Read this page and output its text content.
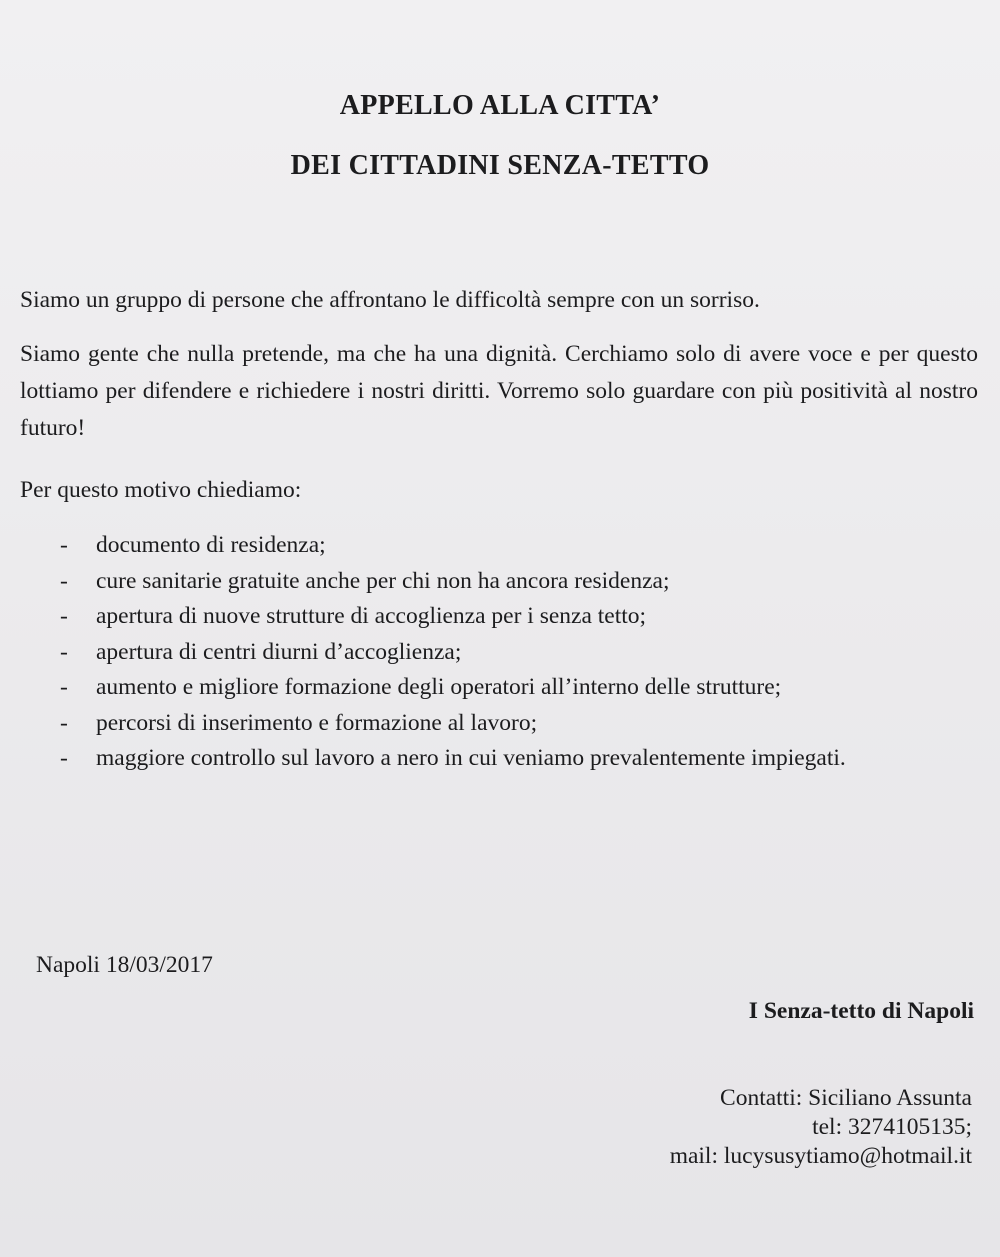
APPELLO ALLA CITTA’
DEI CITTADINI SENZA-TETTO

Siamo un gruppo di persone che affrontano le difficoltà sempre con un sorriso.

Siamo gente che nulla pretende, ma che ha una dignità. Cerchiamo solo di avere voce e per questo lottiamo per difendere e richiedere i nostri diritti. Vorremo solo guardare con più positività al nostro futuro!

Per questo motivo chiediamo:

- documento di residenza;
- cure sanitarie gratuite anche per chi non ha ancora residenza;
- apertura di nuove strutture di accoglienza per i senza tetto;
- apertura di centri diurni d’accoglienza;
- aumento e migliore formazione degli operatori all’interno delle strutture;
- percorsi di inserimento e formazione al lavoro;
- maggiore controllo sul lavoro a nero in cui veniamo prevalentemente impiegati.

Napoli 18/03/2017

I Senza-tetto di Napoli

Contatti: Siciliano Assunta
tel: 3274105135;
mail: lucysusytiamo@hotmail.it
